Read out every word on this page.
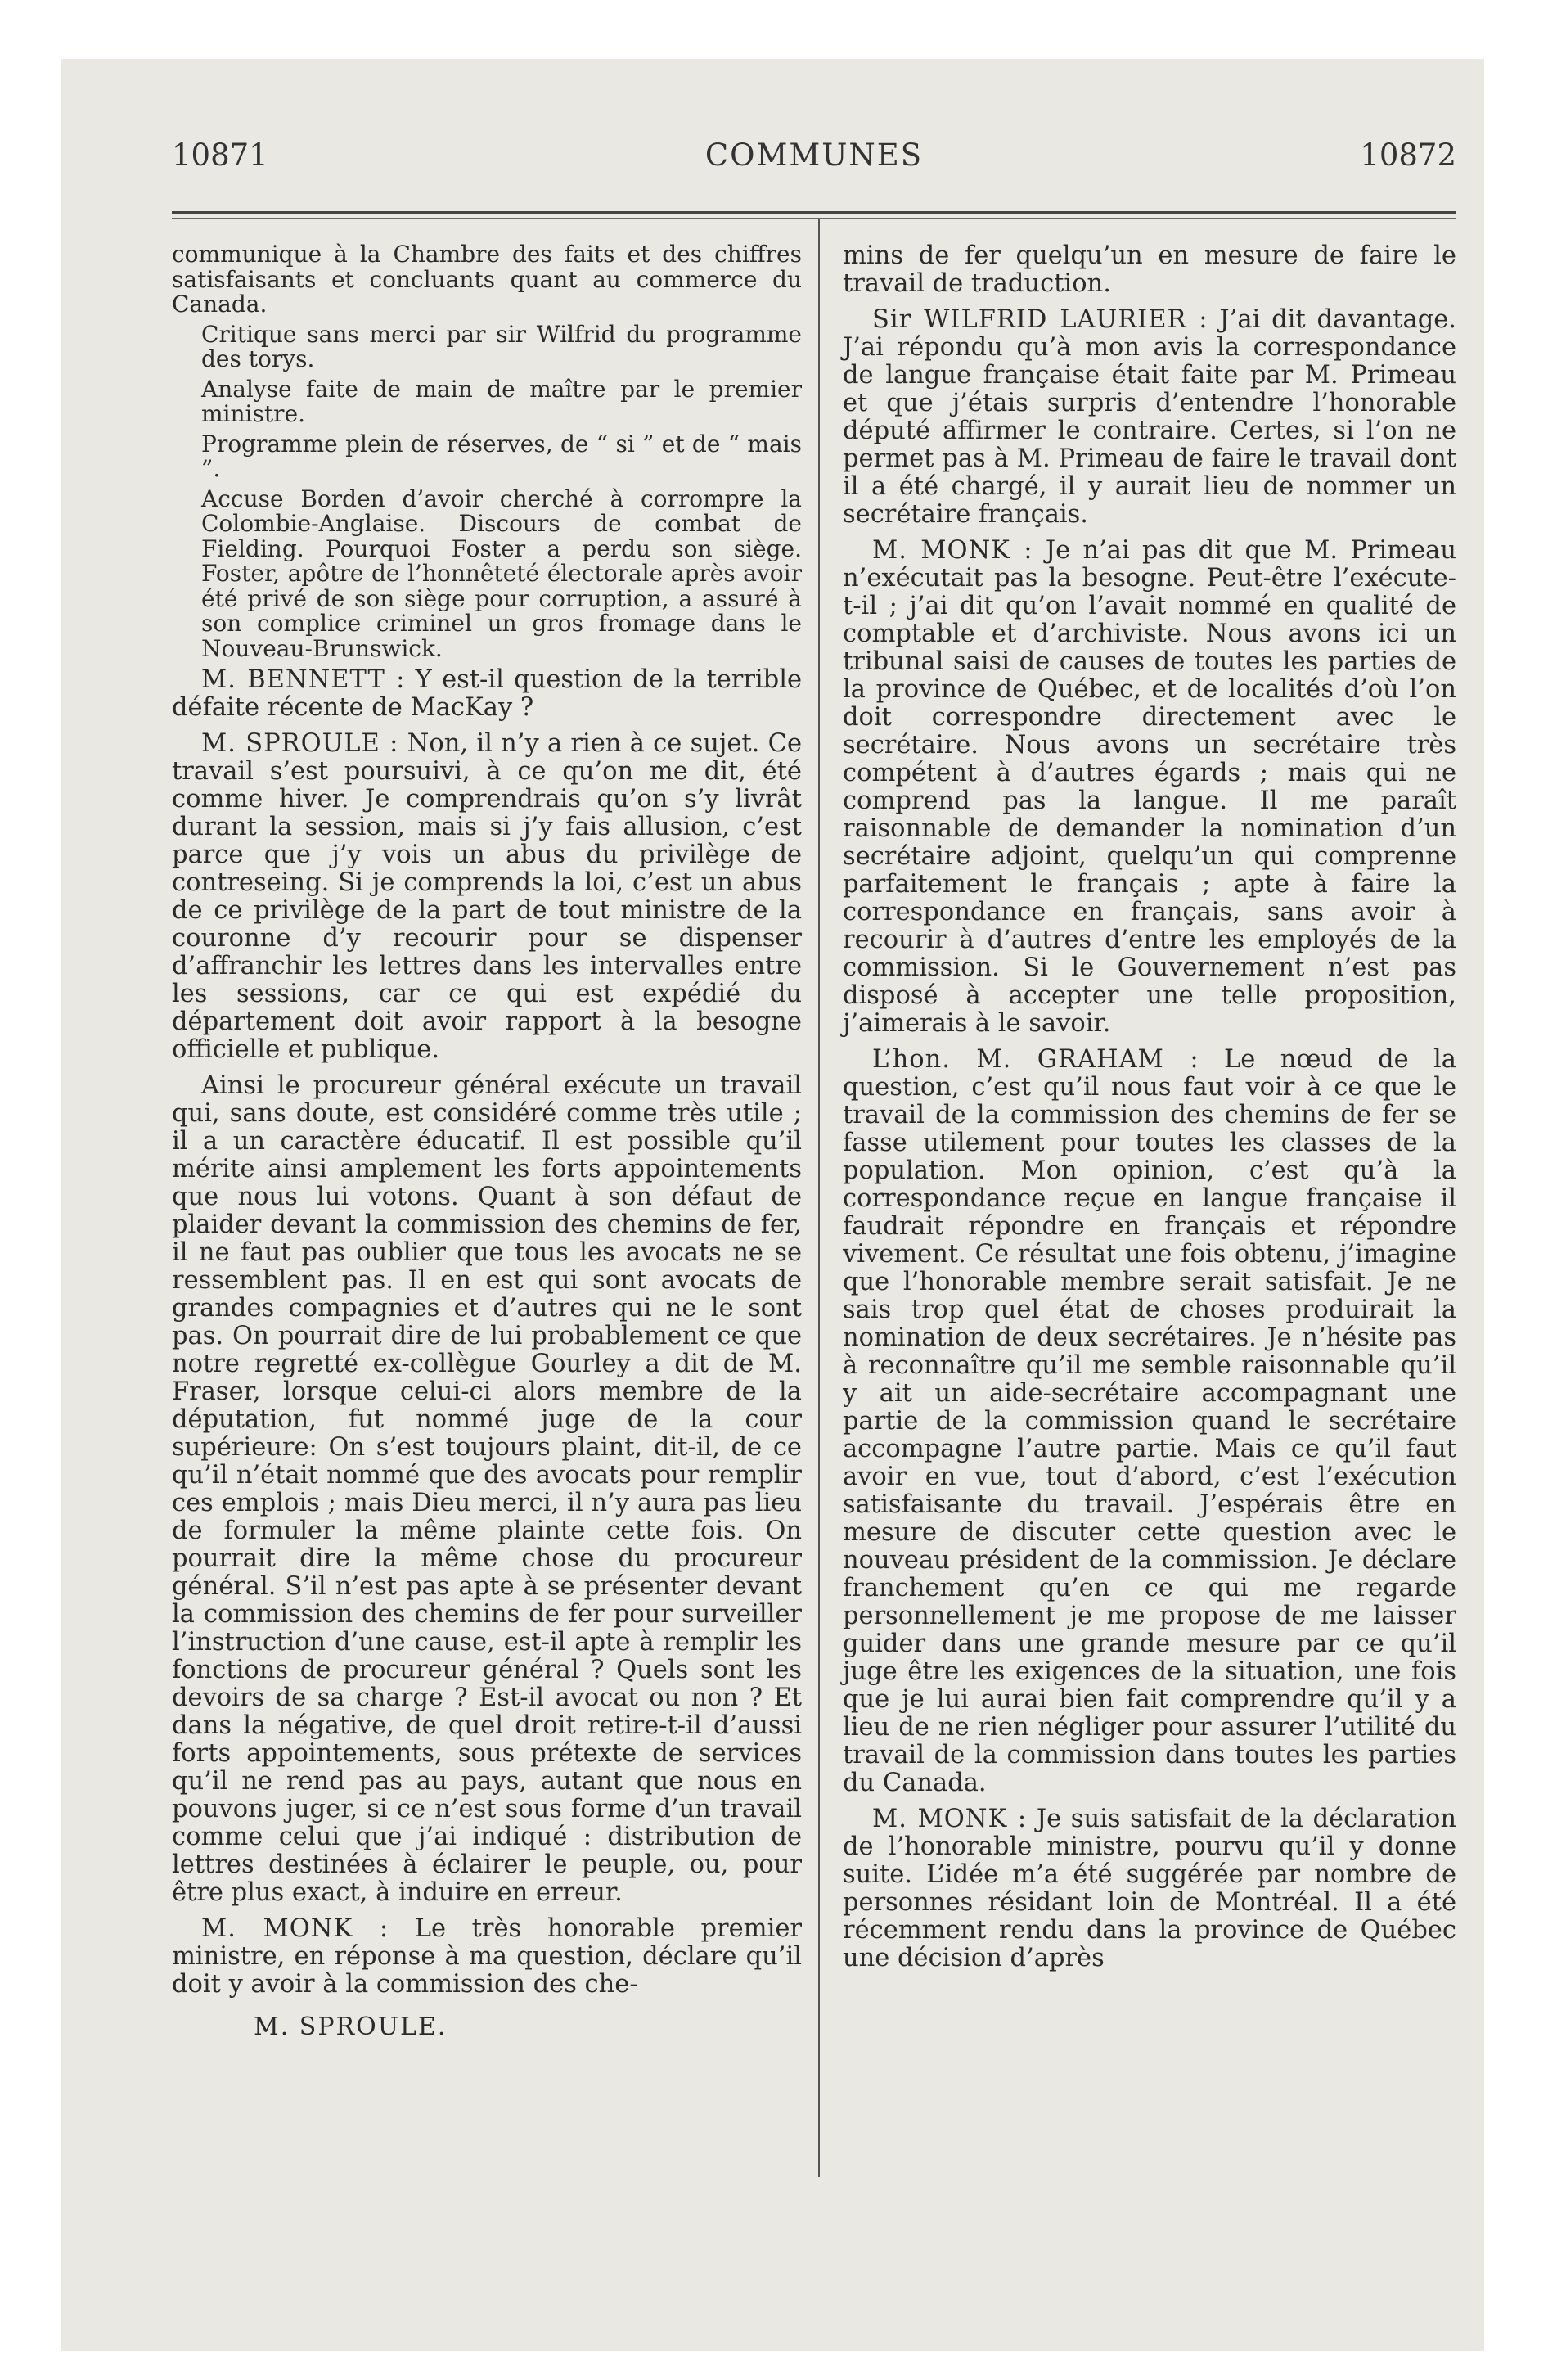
10871	COMMUNES	10872

communique à la Chambre des faits et des chiffres satisfaisants et concluants quant au commerce du Canada.

Critique sans merci par sir Wilfrid du programme des torys.

Analyse faite de main de maître par le premier ministre.

Programme plein de réserves, de “ si ” et de “ mais ”.

Accuse Borden d’avoir cherché à corrompre la Colombie-Anglaise. Discours de combat de Fielding. Pourquoi Foster a perdu son siège. Foster, apôtre de l’honnêteté électorale après avoir été privé de son siège pour corruption, a assuré à son complice criminel un gros fromage dans le Nouveau-Brunswick.

M. BENNETT : Y est-il question de la terrible défaite récente de MacKay ?

M. SPROULE : Non, il n’y a rien à ce sujet. Ce travail s’est poursuivi, à ce qu’on me dit, été comme hiver. Je comprendrais qu’on s’y livrât durant la session, mais si j’y fais allusion, c’est parce que j’y vois un abus du privilège de contreseing. Si je comprends la loi, c’est un abus de ce privilège de la part de tout ministre de la couronne d’y recourir pour se dispenser d’affranchir les lettres dans les intervalles entre les sessions, car ce qui est expédié du département doit avoir rapport à la besogne officielle et publique.

Ainsi le procureur général exécute un travail qui, sans doute, est considéré comme très utile ; il a un caractère éducatif. Il est possible qu’il mérite ainsi amplement les forts appointements que nous lui votons. Quant à son défaut de plaider devant la commission des chemins de fer, il ne faut pas oublier que tous les avocats ne se ressemblent pas. Il en est qui sont avocats de grandes compagnies et d’autres qui ne le sont pas. On pourrait dire de lui probablement ce que notre regretté ex-collègue Gourley a dit de M. Fraser, lorsque celui-ci alors membre de la députation, fut nommé juge de la cour supérieure: On s’est toujours plaint, dit-il, de ce qu’il n’était nommé que des avocats pour remplir ces emplois ; mais Dieu merci, il n’y aura pas lieu de formuler la même plainte cette fois. On pourrait dire la même chose du procureur général. S’il n’est pas apte à se présenter devant la commission des chemins de fer pour surveiller l’instruction d’une cause, est-il apte à remplir les fonctions de procureur général ? Quels sont les devoirs de sa charge ? Est-il avocat ou non ? Et dans la négative, de quel droit retire-t-il d’aussi forts appointements, sous prétexte de services qu’il ne rend pas au pays, autant que nous en pouvons juger, si ce n’est sous forme d’un travail comme celui que j’ai indiqué : distribution de lettres destinées à éclairer le peuple, ou, pour être plus exact, à induire en erreur.

M. MONK : Le très honorable premier ministre, en réponse à ma question, déclare qu’il doit y avoir à la commission des che-

M. SPROULE.

mins de fer quelqu’un en mesure de faire le travail de traduction.

Sir WILFRID LAURIER : J’ai dit davantage. J’ai répondu qu’à mon avis la correspondance de langue française était faite par M. Primeau et que j’étais surpris d’entendre l’honorable député affirmer le contraire. Certes, si l’on ne permet pas à M. Primeau de faire le travail dont il a été chargé, il y aurait lieu de nommer un secrétaire français.

M. MONK : Je n’ai pas dit que M. Primeau n’exécutait pas la besogne. Peut-être l’exécute-t-il ; j’ai dit qu’on l’avait nommé en qualité de comptable et d’archiviste. Nous avons ici un tribunal saisi de causes de toutes les parties de la province de Québec, et de localités d’où l’on doit correspondre directement avec le secrétaire. Nous avons un secrétaire très compétent à d’autres égards ; mais qui ne comprend pas la langue. Il me paraît raisonnable de demander la nomination d’un secrétaire adjoint, quelqu’un qui comprenne parfaitement le français ; apte à faire la correspondance en français, sans avoir à recourir à d’autres d’entre les employés de la commission. Si le Gouvernement n’est pas disposé à accepter une telle proposition, j’aimerais à le savoir.

L’hon. M. GRAHAM : Le nœud de la question, c’est qu’il nous faut voir à ce que le travail de la commission des chemins de fer se fasse utilement pour toutes les classes de la population. Mon opinion, c’est qu’à la correspondance reçue en langue française il faudrait répondre en français et répondre vivement. Ce résultat une fois obtenu, j’imagine que l’honorable membre serait satisfait. Je ne sais trop quel état de choses produirait la nomination de deux secrétaires. Je n’hésite pas à reconnaître qu’il me semble raisonnable qu’il y ait un aide-secrétaire accompagnant une partie de la commission quand le secrétaire accompagne l’autre partie. Mais ce qu’il faut avoir en vue, tout d’abord, c’est l’exécution satisfaisante du travail. J’espérais être en mesure de discuter cette question avec le nouveau président de la commission. Je déclare franchement qu’en ce qui me regarde personnellement je me propose de me laisser guider dans une grande mesure par ce qu’il juge être les exigences de la situation, une fois que je lui aurai bien fait comprendre qu’il y a lieu de ne rien négliger pour assurer l’utilité du travail de la commission dans toutes les parties du Canada.

M. MONK : Je suis satisfait de la déclaration de l’honorable ministre, pourvu qu’il y donne suite. L’idée m’a été suggérée par nombre de personnes résidant loin de Montréal. Il a été récemment rendu dans la province de Québec une décision d’après
